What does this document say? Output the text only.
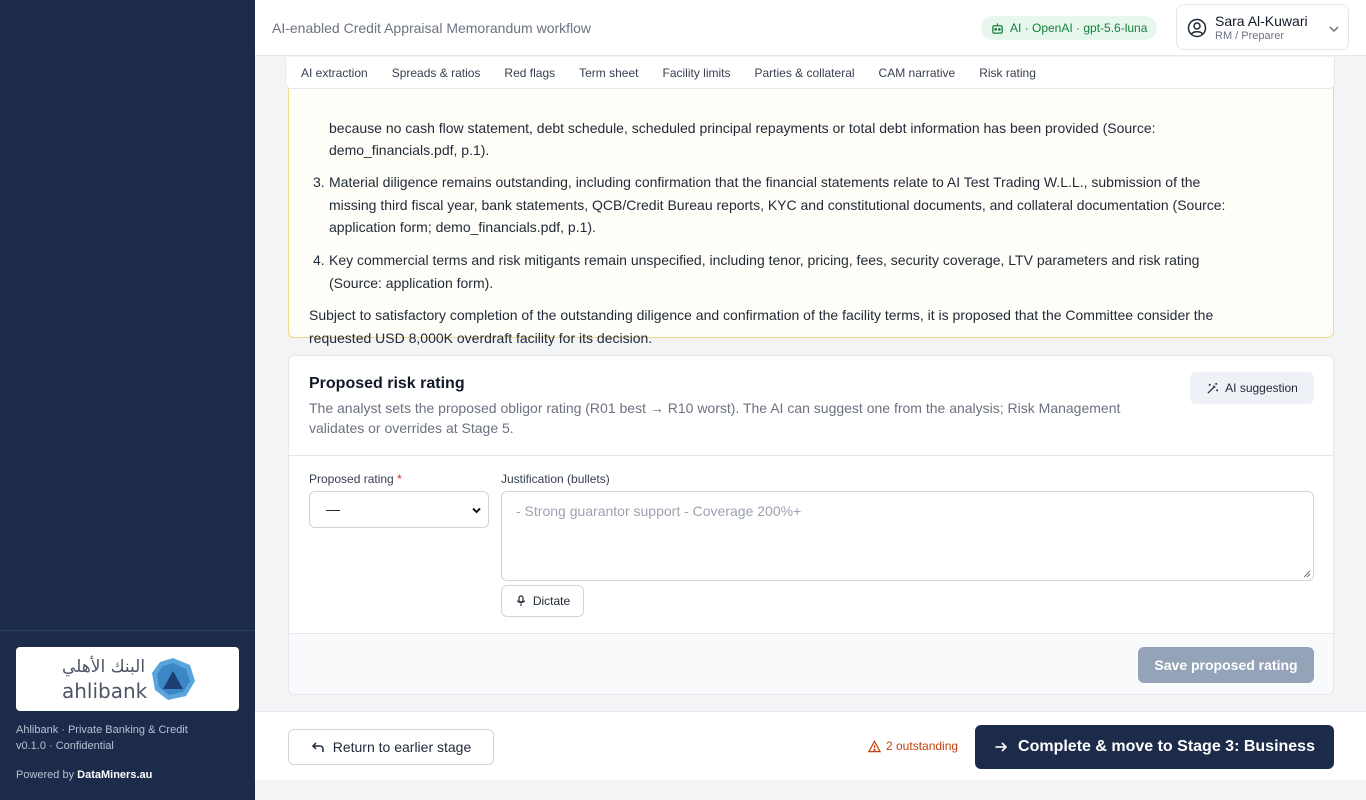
البنك الأهلي
ahlibank
Ahlibank · Private Banking & Credit
v0.1.0 · Confidential
Powered by DataMiners.au
AI-enabled Credit Appraisal Memorandum workflow	AI · OpenAI · gpt-5.6-luna	Sara Al-Kuwari
RM / Preparer
because no cash flow statement, debt schedule, scheduled principal repayments or total debt information has been provided (Source:
demo_financials.pdf, p.1).
3. Material diligence remains outstanding, including confirmation that the financial statements relate to AI Test Trading W.L.L., submission of the
missing third fiscal year, bank statements, QCB/Credit Bureau reports, KYC and constitutional documents, and collateral documentation (Source:
application form; demo_financials.pdf, p.1).
4. Key commercial terms and risk mitigants remain unspecified, including tenor, pricing, fees, security coverage, LTV parameters and risk rating
(Source: application form).
Subject to satisfactory completion of the outstanding diligence and confirmation of the facility terms, it is proposed that the Committee consider the
requested USD 8,000K overdraft facility for its decision.
AI extraction	Spreads & ratios	Red flags	Term sheet	Facility limits	Parties & collateral	CAM narrative	Risk rating
Proposed risk rating
The analyst sets the proposed obligor rating (R01 best → R10 worst). The AI can suggest one from the analysis; Risk Management validates or overrides at Stage 5.
AI suggestion
Proposed rating *
—
Justification (bullets)
- Strong guarantor support - Coverage 200%+
Dictate
Save proposed rating
Return to earlier stage	2 outstanding	Complete & move to Stage 3: Business
